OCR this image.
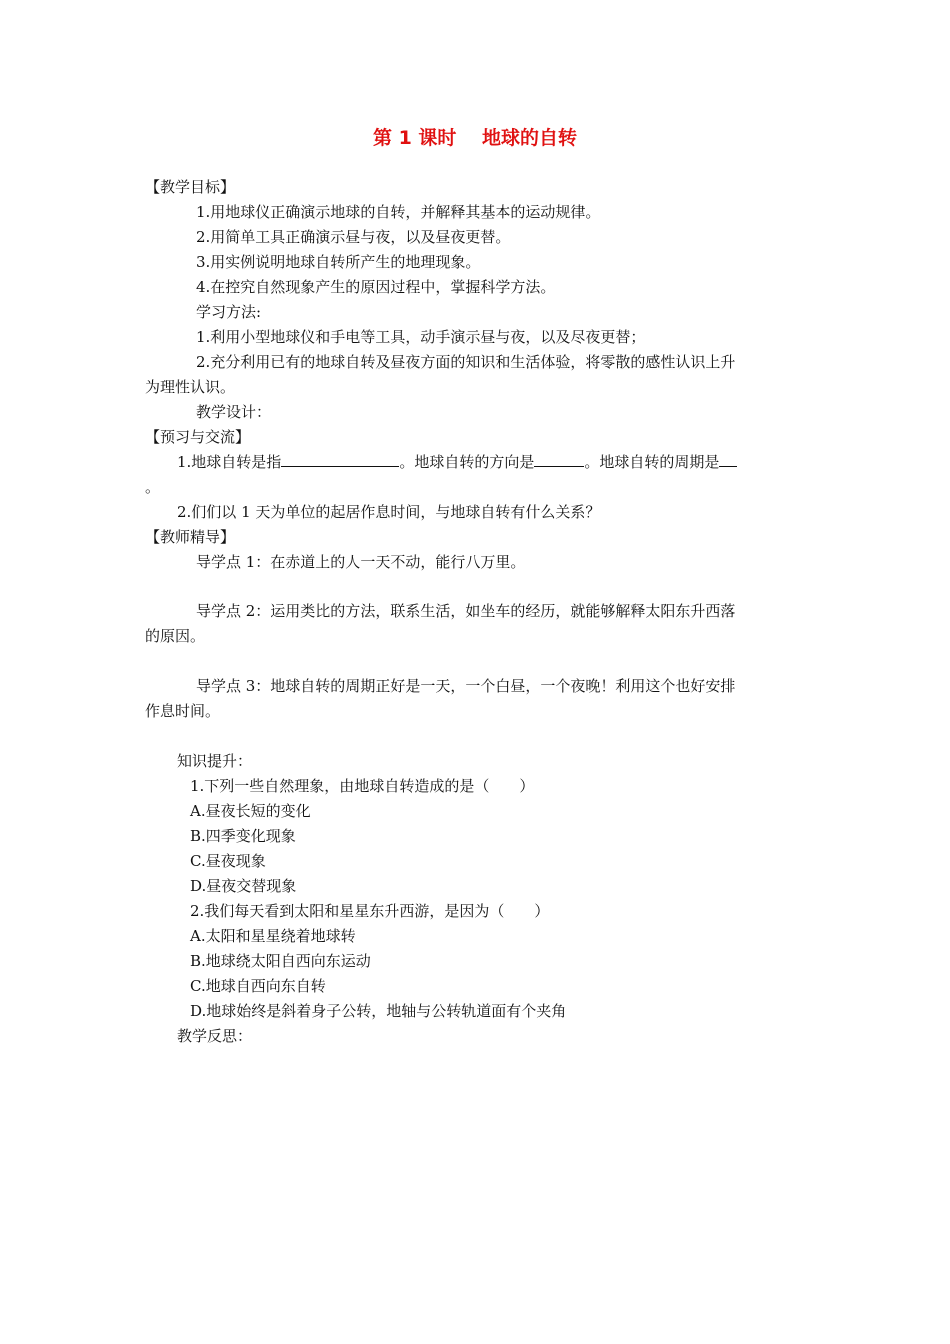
第 1 课时　 地球的自转
【教学目标】
1.用地球仪正确演示地球的自转，并解释其基本的运动规律。
2.用简单工具正确演示昼与夜，以及昼夜更替。
3.用实例说明地球自转所产生的地理现象。
4.在控究自然现象产生的原因过程中，掌握科学方法。
学习方法:
1.利用小型地球仪和手电等工具，动手演示昼与夜，以及尽夜更替；
2.充分利用已有的地球自转及昼夜方面的知识和生活体验，将零散的感性认识上升
为理性认识。
教学设计：
【预习与交流】
1.地球自转是指	。地球自转的方向是	。地球自转的周期是
。
2.们们以 1 天为单位的起居作息时间，与地球自转有什么关系？
【教师精导】
导学点 1：在赤道上的人一天不动，能行八万里。
导学点 2：运用类比的方法，联系生活，如坐车的经历，就能够解释太阳东升西落
的原因。
导学点 3：地球自转的周期正好是一天，一个白昼，一个夜晚！利用这个也好安排
作息时间。
知识提升：
1.下列一些自然理象，由地球自转造成的是（　　）
A.昼夜长短的变化
B.四季变化现象
C.昼夜现象
D.昼夜交替现象
2.我们每天看到太阳和星星东升西游，是因为（　　）
A.太阳和星星绕着地球转
B.地球绕太阳自西向东运动
C.地球自西向东自转
D.地球始终是斜着身子公转，地轴与公转轨道面有个夹角
教学反思：
